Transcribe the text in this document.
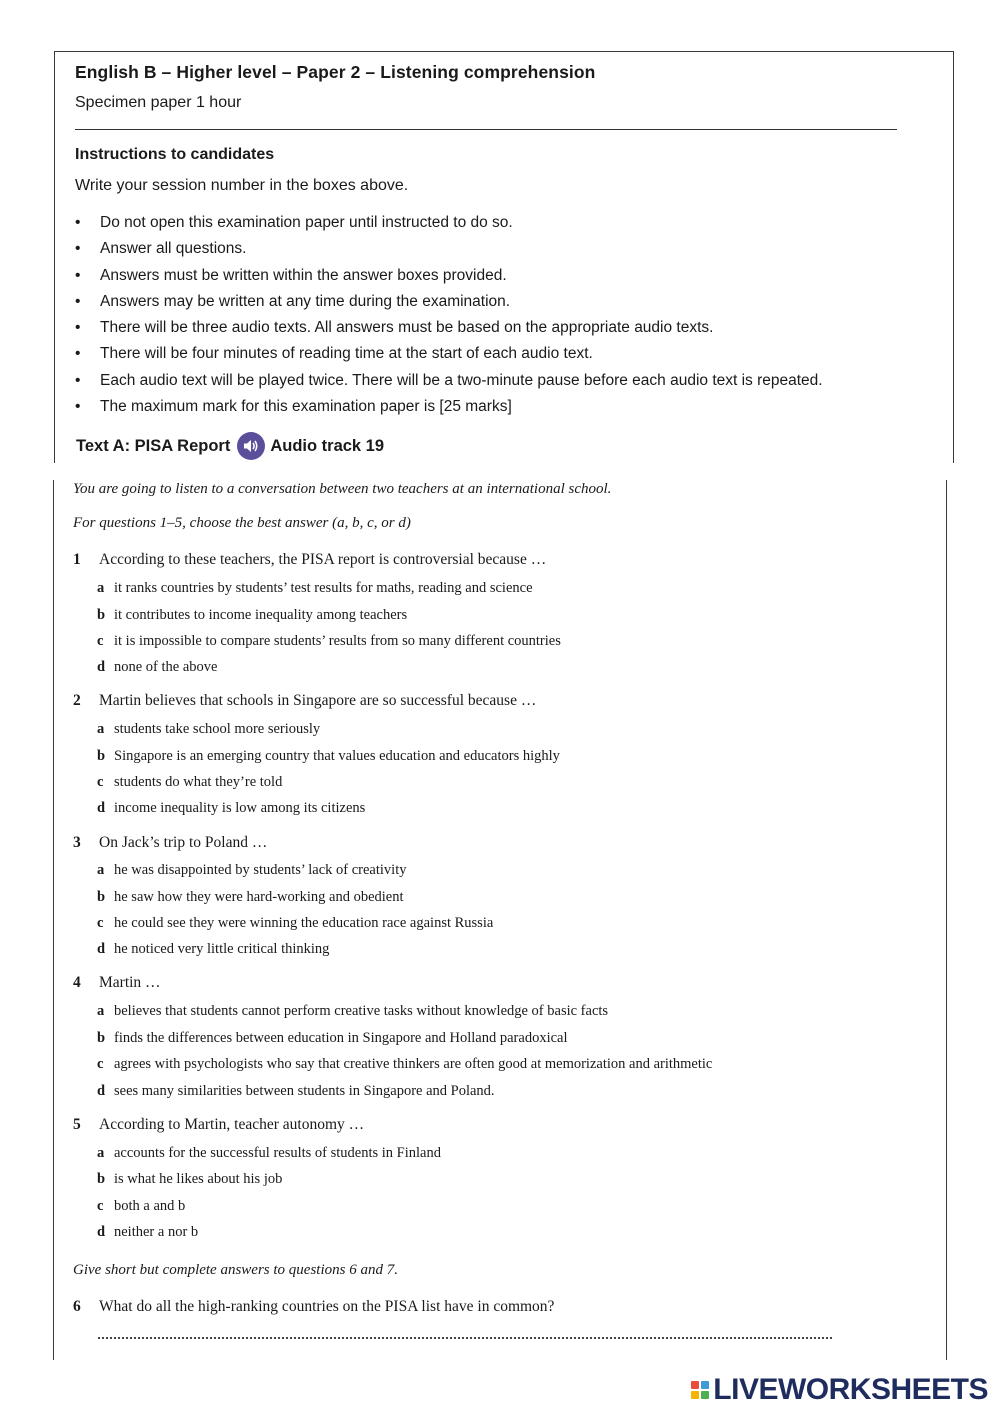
English B – Higher level – Paper 2 – Listening comprehension
Specimen paper 1 hour
Instructions to candidates
Write your session number in the boxes above.
•	Do not open this examination paper until instructed to do so.
•	Answer all questions.
•	Answers must be written within the answer boxes provided.
•	Answers may be written at any time during the examination.
•	There will be three audio texts. All answers must be based on the appropriate audio texts.
•	There will be four minutes of reading time at the start of each audio text.
•	Each audio text will be played twice. There will be a two-minute pause before each audio text is repeated.
•	The maximum mark for this examination paper is [25 marks]
Text A: PISA Report Audio track 19
You are going to listen to a conversation between two teachers at an international school.
For questions 1–5, choose the best answer (a, b, c, or d)
1 According to these teachers, the PISA report is controversial because …
a it ranks countries by students’ test results for maths, reading and science
b it contributes to income inequality among teachers
c it is impossible to compare students’ results from so many different countries
d none of the above
2 Martin believes that schools in Singapore are so successful because …
a students take school more seriously
b Singapore is an emerging country that values education and educators highly
c students do what they’re told
d income inequality is low among its citizens
3 On Jack’s trip to Poland …
a he was disappointed by students’ lack of creativity
b he saw how they were hard-working and obedient
c he could see they were winning the education race against Russia
d he noticed very little critical thinking
4 Martin …
a believes that students cannot perform creative tasks without knowledge of basic facts
b finds the differences between education in Singapore and Holland paradoxical
c agrees with psychologists who say that creative thinkers are often good at memorization and arithmetic
d sees many similarities between students in Singapore and Poland.
5 According to Martin, teacher autonomy …
a accounts for the successful results of students in Finland
b is what he likes about his job
c both a and b
d neither a nor b
Give short but complete answers to questions 6 and 7.
6 What do all the high-ranking countries on the PISA list have in common?
LIVEWORKSHEETS
